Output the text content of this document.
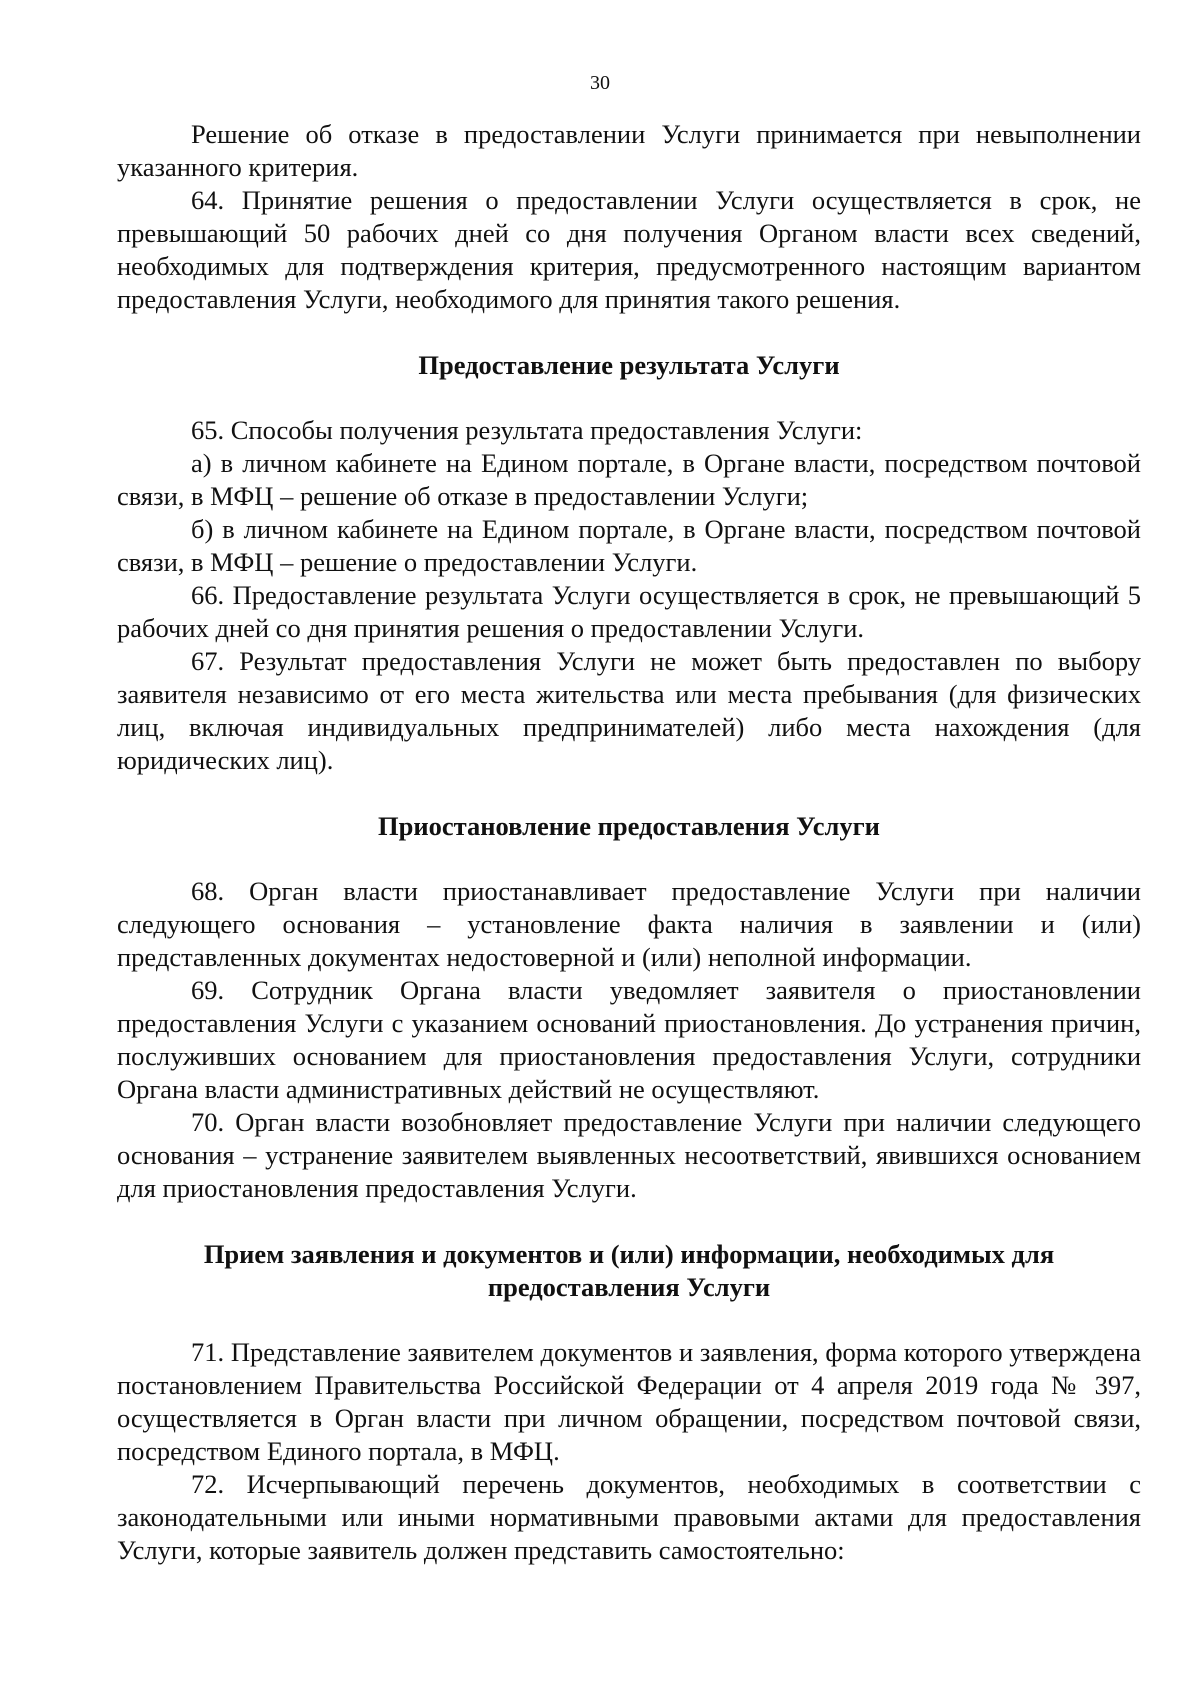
30

Решение об отказе в предоставлении Услуги принимается при невыполнении указанного критерия.

64. Принятие решения о предоставлении Услуги осуществляется в срок, не превышающий 50 рабочих дней со дня получения Органом власти всех сведений, необходимых для подтверждения критерия, предусмотренного настоящим вариантом предоставления Услуги, необходимого для принятия такого решения.

Предоставление результата Услуги

65. Способы получения результата предоставления Услуги:

а) в личном кабинете на Едином портале, в Органе власти, посредством почтовой связи, в МФЦ – решение об отказе в предоставлении Услуги;

б) в личном кабинете на Едином портале, в Органе власти, посредством почтовой связи, в МФЦ – решение о предоставлении Услуги.

66. Предоставление результата Услуги осуществляется в срок, не превышающий 5 рабочих дней со дня принятия решения о предоставлении Услуги.

67. Результат предоставления Услуги не может быть предоставлен по выбору заявителя независимо от его места жительства или места пребывания (для физических лиц, включая индивидуальных предпринимателей) либо места нахождения (для юридических лиц).

Приостановление предоставления Услуги

68. Орган власти приостанавливает предоставление Услуги при наличии следующего основания – установление факта наличия в заявлении и (или) представленных документах недостоверной и (или) неполной информации.

69. Сотрудник Органа власти уведомляет заявителя о приостановлении предоставления Услуги с указанием оснований приостановления. До устранения причин, послуживших основанием для приостановления предоставления Услуги, сотрудники Органа власти административных действий не осуществляют.

70. Орган власти возобновляет предоставление Услуги при наличии следующего основания – устранение заявителем выявленных несоответствий, явившихся основанием для приостановления предоставления Услуги.

Прием заявления и документов и (или) информации, необходимых для предоставления Услуги

71. Представление заявителем документов и заявления, форма которого утверждена постановлением Правительства Российской Федерации от 4 апреля 2019 года № 397, осуществляется в Орган власти при личном обращении, посредством почтовой связи, посредством Единого портала, в МФЦ.

72. Исчерпывающий перечень документов, необходимых в соответствии с законодательными или иными нормативными правовыми актами для предоставления Услуги, которые заявитель должен представить самостоятельно:
